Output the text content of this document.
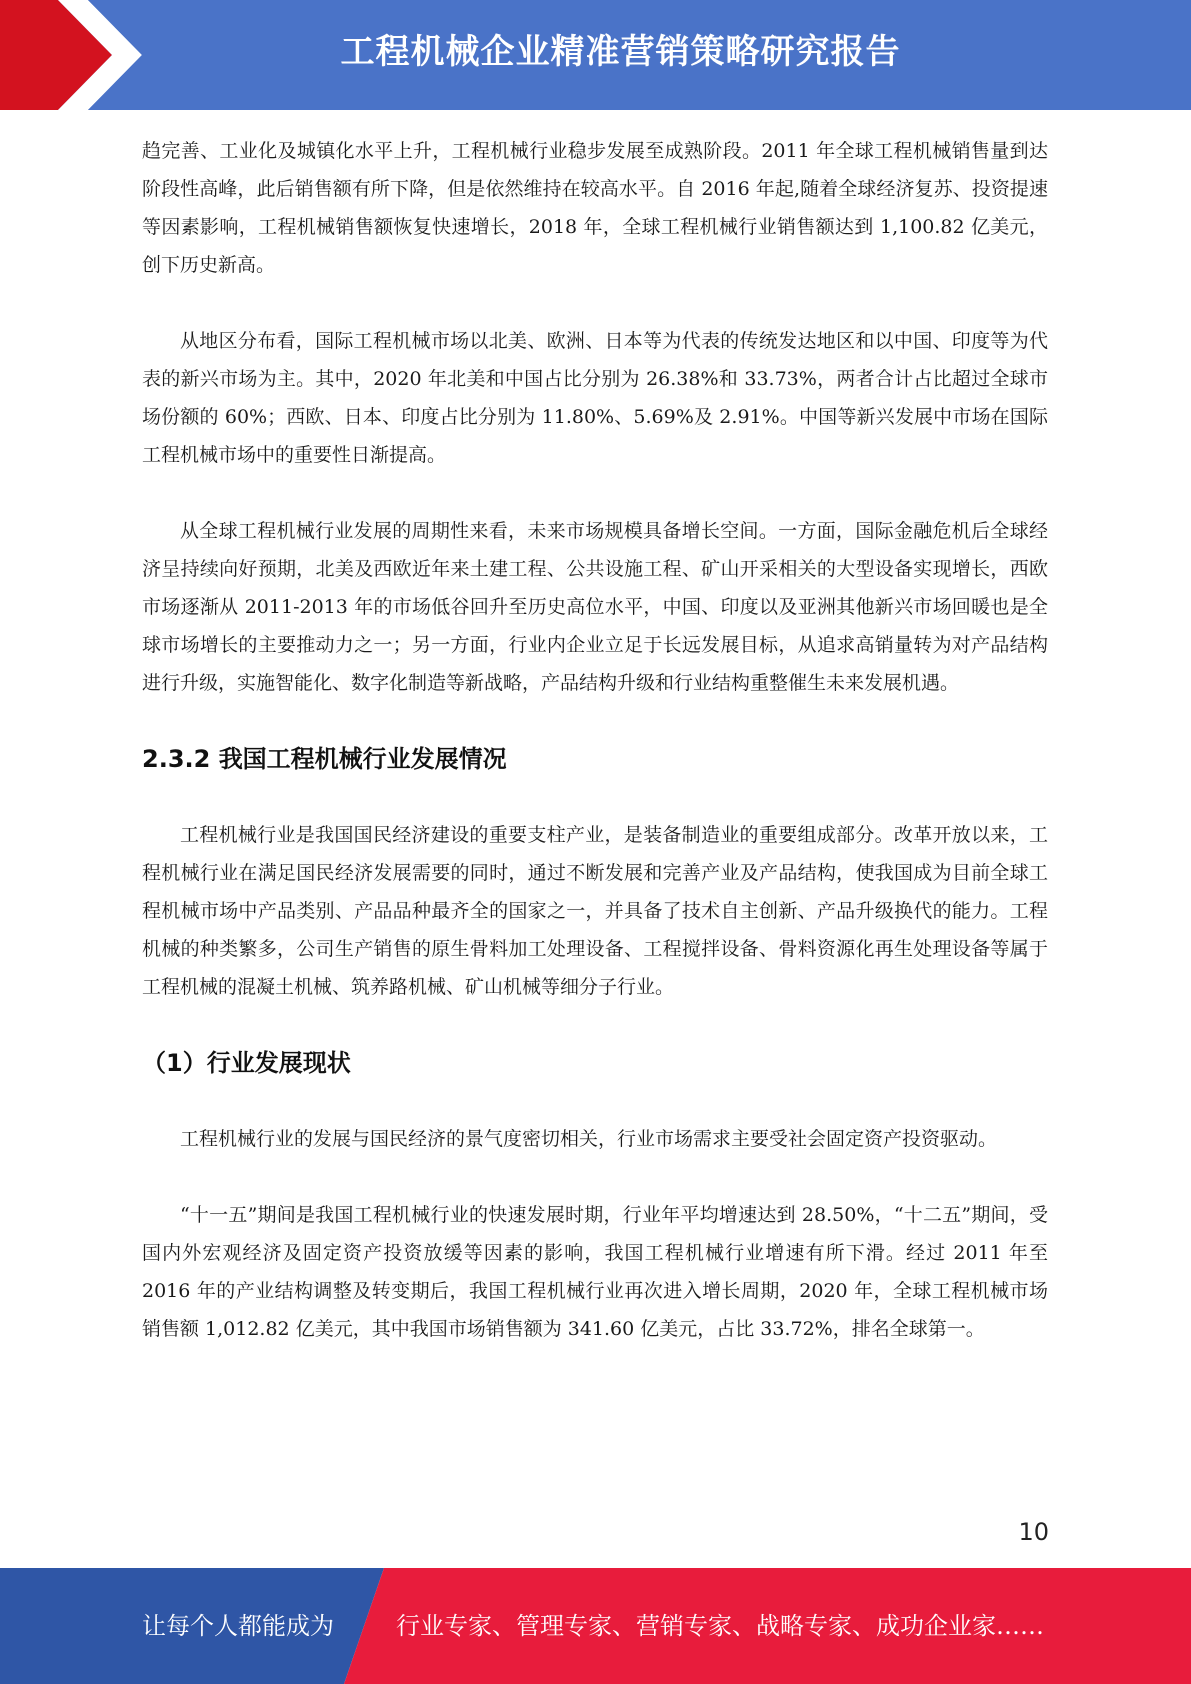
工程机械企业精准营销策略研究报告

趋完善、工业化及城镇化水平上升，工程机械行业稳步发展至成熟阶段。2011 年全球工程机械销售量到达阶段性高峰，此后销售额有所下降，但是依然维持在较高水平。自 2016 年起,随着全球经济复苏、投资提速等因素影响，工程机械销售额恢复快速增长，2018 年，全球工程机械行业销售额达到 1,100.82 亿美元，创下历史新高。

从地区分布看，国际工程机械市场以北美、欧洲、日本等为代表的传统发达地区和以中国、印度等为代表的新兴市场为主。其中，2020 年北美和中国占比分别为 26.38%和 33.73%，两者合计占比超过全球市场份额的 60%；西欧、日本、印度占比分别为 11.80%、5.69%及 2.91%。中国等新兴发展中市场在国际工程机械市场中的重要性日渐提高。

从全球工程机械行业发展的周期性来看，未来市场规模具备增长空间。一方面，国际金融危机后全球经济呈持续向好预期，北美及西欧近年来土建工程、公共设施工程、矿山开采相关的大型设备实现增长，西欧市场逐渐从 2011-2013 年的市场低谷回升至历史高位水平，中国、印度以及亚洲其他新兴市场回暖也是全球市场增长的主要推动力之一；另一方面，行业内企业立足于长远发展目标，从追求高销量转为对产品结构进行升级，实施智能化、数字化制造等新战略，产品结构升级和行业结构重整催生未来发展机遇。

2.3.2 我国工程机械行业发展情况

工程机械行业是我国国民经济建设的重要支柱产业，是装备制造业的重要组成部分。改革开放以来，工程机械行业在满足国民经济发展需要的同时，通过不断发展和完善产业及产品结构，使我国成为目前全球工程机械市场中产品类别、产品品种最齐全的国家之一，并具备了技术自主创新、产品升级换代的能力。工程机械的种类繁多，公司生产销售的原生骨料加工处理设备、工程搅拌设备、骨料资源化再生处理设备等属于工程机械的混凝土机械、筑养路机械、矿山机械等细分子行业。

（1）行业发展现状

工程机械行业的发展与国民经济的景气度密切相关，行业市场需求主要受社会固定资产投资驱动。

“十一五”期间是我国工程机械行业的快速发展时期，行业年平均增速达到 28.50%，“十二五”期间，受国内外宏观经济及固定资产投资放缓等因素的影响，我国工程机械行业增速有所下滑。经过 2011 年至 2016 年的产业结构调整及转变期后，我国工程机械行业再次进入增长周期，2020 年，全球工程机械市场销售额 1,012.82 亿美元，其中我国市场销售额为 341.60 亿美元，占比 33.72%，排名全球第一。

10
让每个人都能成为	行业专家、管理专家、营销专家、战略专家、成功企业家……
